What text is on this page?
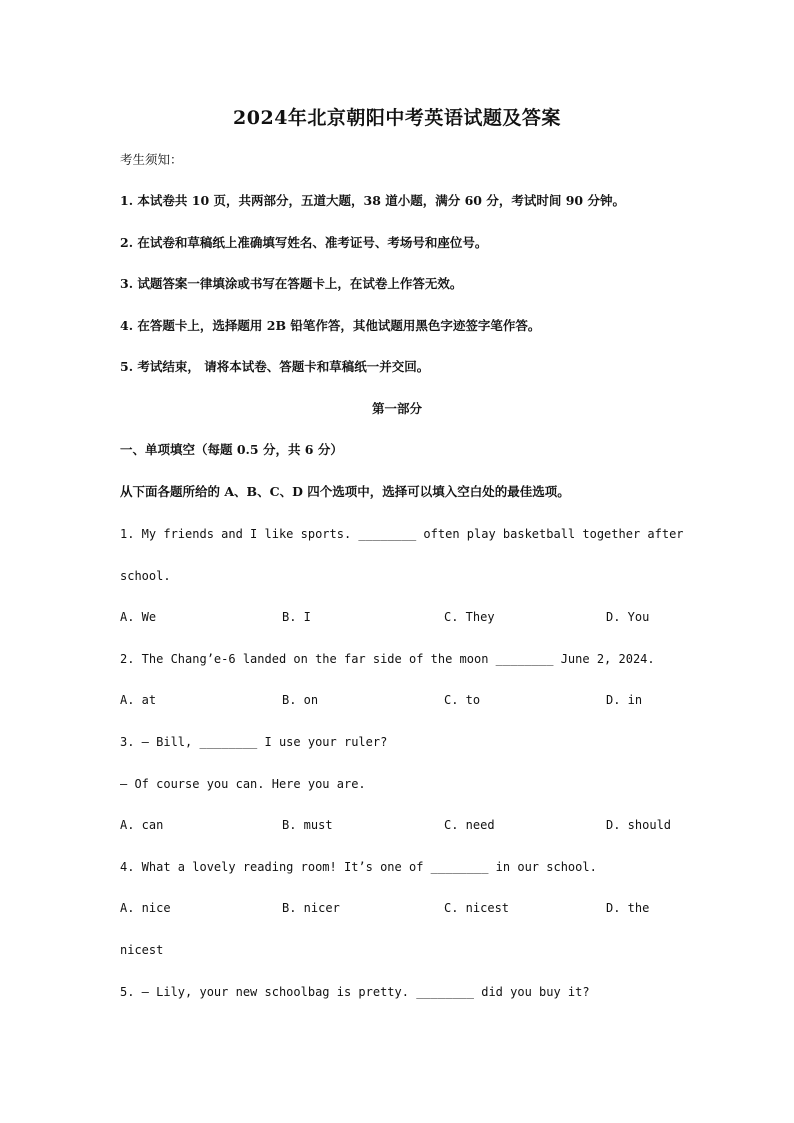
2024年北京朝阳中考英语试题及答案
考生须知：
1. 本试卷共 10 页，共两部分，五道大题，38 道小题，满分 60 分，考试时间 90 分钟。
2. 在试卷和草稿纸上准确填写姓名、准考证号、考场号和座位号。
3. 试题答案一律填涂或书写在答题卡上，在试卷上作答无效。
4. 在答题卡上，选择题用 2B 铅笔作答，其他试题用黑色字迹签字笔作答。
5. 考试结束， 请将本试卷、答题卡和草稿纸一并交回。
第一部分
一、单项填空（每题 0.5 分，共 6 分）
从下面各题所给的 A、B、C、D 四个选项中，选择可以填入空白处的最佳选项。
1. My friends and I like sports. ________ often play basketball together after
school.
A. We	B. I	C. They	D. You
2. The Chang’e-6 landed on the far side of the moon ________ June 2, 2024.
A. at	B. on	C. to	D. in
3. — Bill, ________ I use your ruler?
— Of course you can. Here you are.
A. can	B. must	C. need	D. should
4. What a lovely reading room! It’s one of ________ in our school.
A. nice	B. nicer	C. nicest	D. the
nicest
5. — Lily, your new schoolbag is pretty. ________ did you buy it?
